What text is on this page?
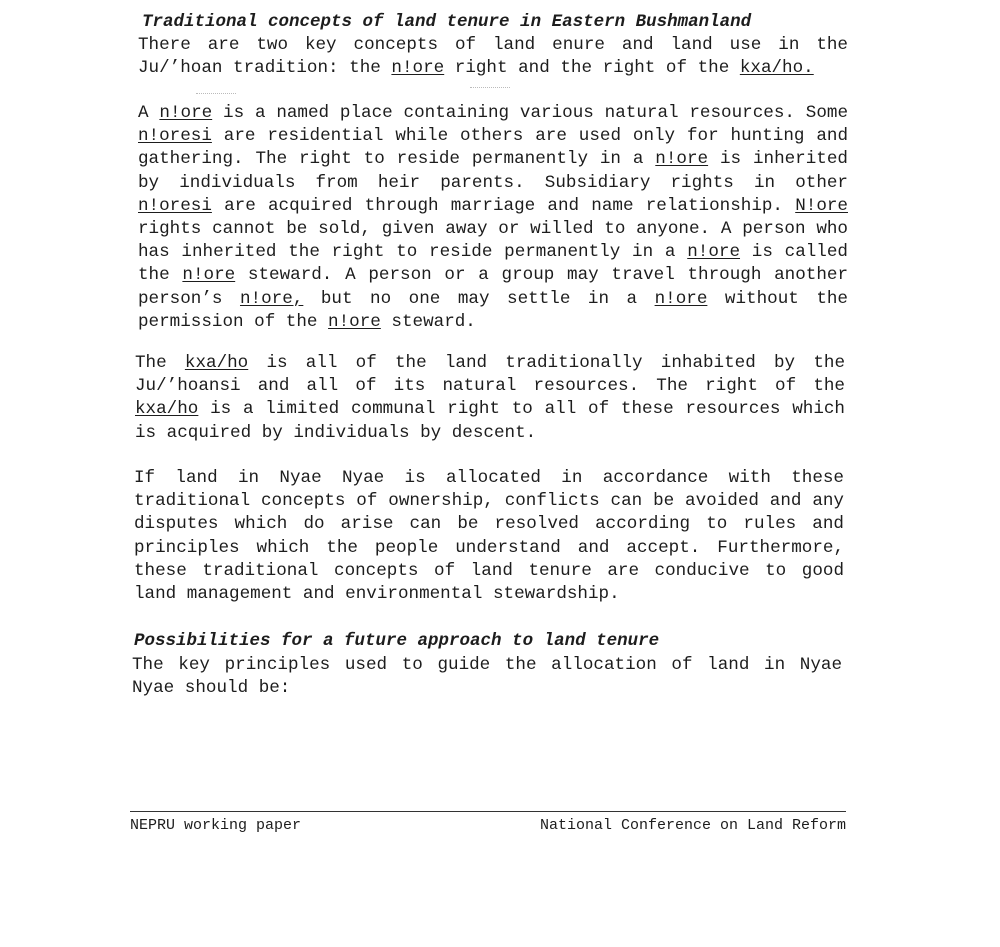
Traditional concepts of land tenure in Eastern Bushmanland
There are two key concepts of land enure and land use in the Ju/’hoan tradition: the n!ore right and the right of the kxa/ho.
A n!ore is a named place containing various natural resources. Some n!oresi are residential while others are used only for hunting and gathering. The right to reside permanently in a n!ore is inherited by individuals from heir parents. Subsidiary rights in other n!oresi are acquired through marriage and name relationship. N!ore rights cannot be sold, given away or willed to anyone. A person who has inherited the right to reside permanently in a n!ore is called the n!ore steward. A person or a group may travel through another person’s n!ore, but no one may settle in a n!ore without the permission of the n!ore steward.
The kxa/ho is all of the land traditionally inhabited by the Ju/’hoansi and all of its natural resources. The right of the kxa/ho is a limited communal right to all of these resources which is acquired by individuals by descent.
If land in Nyae Nyae is allocated in accordance with these traditional concepts of ownership, conflicts can be avoided and any disputes which do arise can be resolved according to rules and principles which the people understand and accept. Furthermore, these traditional concepts of land tenure are conducive to good land management and environmental stewardship.
Possibilities for a future approach to land tenure
The key principles used to guide the allocation of land in Nyae Nyae should be:
NEPRU working paper	National Conference on Land Reform
